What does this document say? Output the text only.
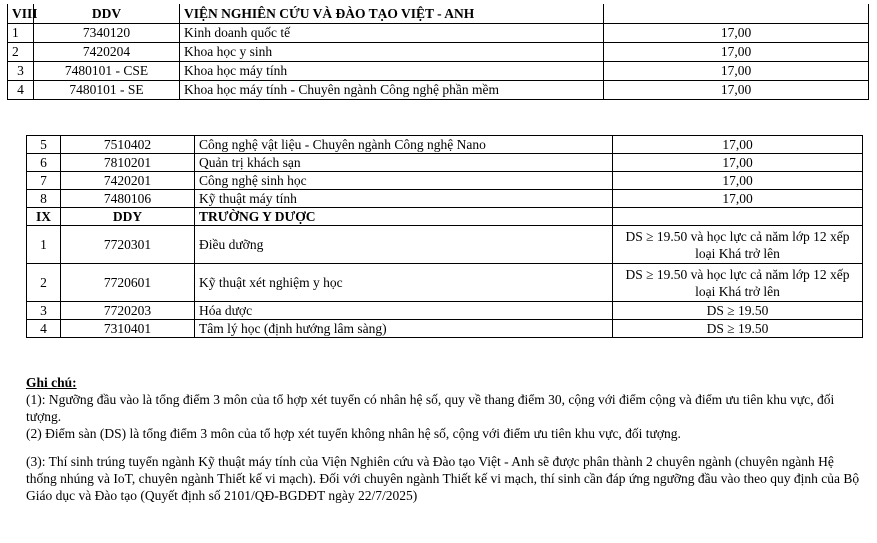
VIII	DDV	VIỆN NGHIÊN CỨU VÀ ĐÀO TẠO VIỆT - ANH	
1	7340120	Kinh doanh quốc tế	17,00
2	7420204	Khoa học y sinh	17,00
3	7480101 - CSE	Khoa học máy tính	17,00
4	7480101 - SE	Khoa học máy tính - Chuyên ngành Công nghệ phần mềm	17,00
5	7510402	Công nghệ vật liệu - Chuyên ngành Công nghệ Nano	17,00
6	7810201	Quản trị khách sạn	17,00
7	7420201	Công nghệ sinh học	17,00
8	7480106	Kỹ thuật máy tính	17,00
IX	DDY	TRƯỜNG Y DƯỢC	
1	7720301	Điều dưỡng	DS ≥ 19.50 và học lực cả năm lớp 12 xếp loại Khá trở lên
2	7720601	Kỹ thuật xét nghiệm y học	DS ≥ 19.50 và học lực cả năm lớp 12 xếp loại Khá trở lên
3	7720203	Hóa dược	DS ≥ 19.50
4	7310401	Tâm lý học (định hướng lâm sàng)	DS ≥ 19.50

Ghi chú:

(1): Ngưỡng đầu vào là tổng điểm 3 môn của tổ hợp xét tuyển có nhân hệ số, quy về thang điểm 30, cộng với điểm cộng và điểm ưu tiên khu vực, đối tượng.

(2) Điểm sàn (DS) là tổng điểm 3 môn của tổ hợp xét tuyển không nhân hệ số, cộng với điểm ưu tiên khu vực, đối tượng.

(3): Thí sinh trúng tuyển ngành Kỹ thuật máy tính của Viện Nghiên cứu và Đào tạo Việt - Anh sẽ được phân thành 2 chuyên ngành (chuyên ngành Hệ thống nhúng và IoT, chuyên ngành Thiết kế vi mạch). Đối với chuyên ngành Thiết kế vi mạch, thí sinh cần đáp ứng ngưỡng đầu vào theo quy định của Bộ Giáo dục và Đào tạo (Quyết định số 2101/QĐ-BGDĐT ngày 22/7/2025)
